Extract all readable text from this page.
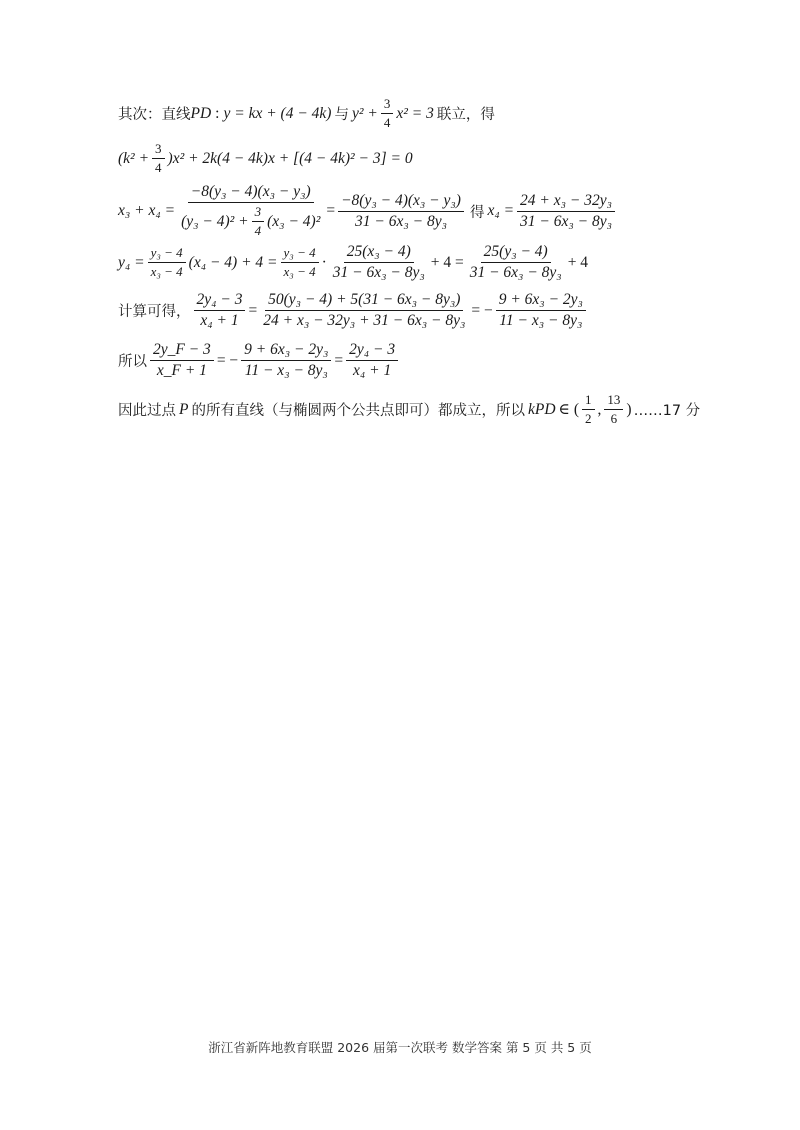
其次：直线 PD : y = kx + (4 − 4k) 与 $y^2 + \frac{3}{4} x^2 = 3$ 联立，得
$(k^2 + \frac{3}{4} )x^2 + 2k(4 - 4k)x + [(4 - 4k)^2 - 3] = 0$
x₃ + x₄ =
−8(y₃ − 4)(x₃ − y₃)
$(y_3 - 4)^2 + \frac{3}{4} (x_3 - 4)^2$
= $\frac{\text{−8(y₃ − 4)(x₃ − y₃)}}{\text{31 − 6x₃ − 8y₃}}$ 得 $x_4 = \frac{\text{24 + x₃ − 32y₃}}{\text{31 − 6x₃ − 8y₃}}$
$y_4 = \frac{\text{y₃ − 4}}{\text{x₃ − 4}} (x_4 - 4) + 4 = \frac{\text{y₃ − 4}}{\text{x₃ − 4}} \cdot \frac{\text{25(x₃ − 4)}}{\text{31 − 6x₃ − 8y₃}} + 4 = \frac{\text{25(y₃ − 4)}}{\text{31 − 6x₃ − 8y₃}} + 4$
计算可得， $\frac{\text{2y₄ − 3}}{\text{x₄ + 1}} = \frac{\text{50(y₃ − 4) + 5(31 − 6x₃ − 8y₃)}}{\text{24 + x₃ − 32y₃ + 31 − 6x₃ − 8y₃}}$ = − $\frac{\text{9 + 6x₃ − 2y₃}}{\text{11 − x₃ − 8y₃}}$
所以 $\frac{2y\_F - 3}{x\_F + 1}$ = − $\frac{\text{9 + 6x₃ − 2y₃}}{\text{11 − x₃ − 8y₃}} = \frac{\text{2y₄ − 3}}{\text{x₄ + 1}}$
因此过点 P 的所有直线（与椭圆两个公共点即可）都成立，所以 k PD ∈ ( $\frac{1}{2}$ , $\frac{13}{6}$ ) ……17 分
浙江省新阵地教育联盟 2026 届第一次联考 数学答案 第 5 页 共 5 页
